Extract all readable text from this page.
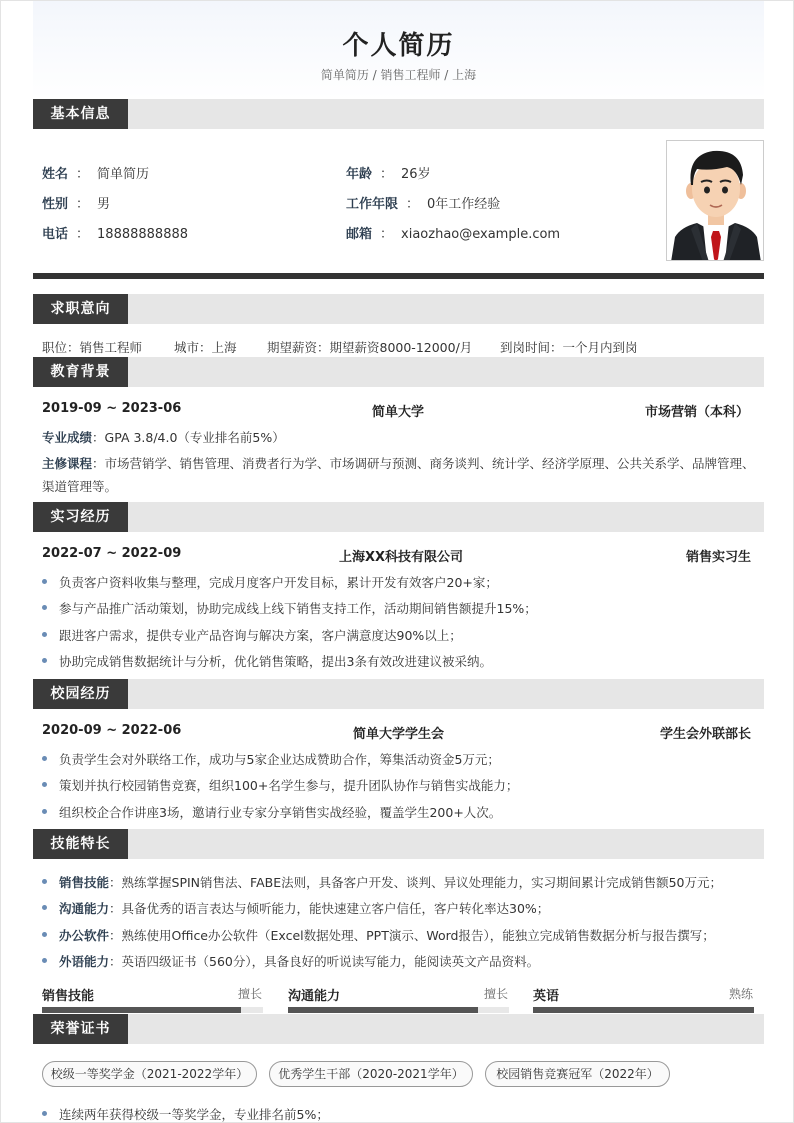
个人简历
简单简历 / 销售工程师 / 上海
基本信息
姓名 ： 简单简历	年龄 ： 26岁
性别 ： 男	工作年限 ： 0年工作经验
电话 ： 18888888888	邮箱 ： xiaozhao@example.com
求职意向
职位：销售工程师	城市：上海 期望薪资：期望薪资8000-12000/月 到岗时间：一个月内到岗
教育背景
2019-09 ~ 2023-06	简单大学	市场营销（本科）
专业成绩：GPA 3.8/4.0（专业排名前5%）
主修课程：市场营销学、销售管理、消费者行为学、市场调研与预测、商务谈判、统计学、经济学原理、公共关系学、品牌管理、渠道管理等。
实习经历
2022-07 ~ 2022-09	上海XX科技有限公司	销售实习生
负责客户资料收集与整理，完成月度客户开发目标，累计开发有效客户20+家；
参与产品推广活动策划，协助完成线上线下销售支持工作，活动期间销售额提升15%；
跟进客户需求，提供专业产品咨询与解决方案，客户满意度达90%以上；
协助完成销售数据统计与分析，优化销售策略，提出3条有效改进建议被采纳。
校园经历
2020-09 ~ 2022-06	简单大学学生会	学生会外联部长
负责学生会对外联络工作，成功与5家企业达成赞助合作，筹集活动资金5万元；
策划并执行校园销售竞赛，组织100+名学生参与，提升团队协作与销售实战能力；
组织校企合作讲座3场，邀请行业专家分享销售实战经验，覆盖学生200+人次。
技能特长
销售技能：熟练掌握SPIN销售法、FABE法则，具备客户开发、谈判、异议处理能力，实习期间累计完成销售额50万元；
沟通能力：具备优秀的语言表达与倾听能力，能快速建立客户信任，客户转化率达30%；
办公软件：熟练使用Office办公软件（Excel数据处理、PPT演示、Word报告），能独立完成销售数据分析与报告撰写；
外语能力：英语四级证书（560分），具备良好的听说读写能力，能阅读英文产品资料。
销售技能	擅长 沟通能力	擅长 英语	熟练
荣誉证书
校级一等奖学金（2021-2022学年）	优秀学生干部（2020-2021学年）	校园销售竞赛冠军（2022年）
连续两年获得校级一等奖学金，专业排名前5%；
